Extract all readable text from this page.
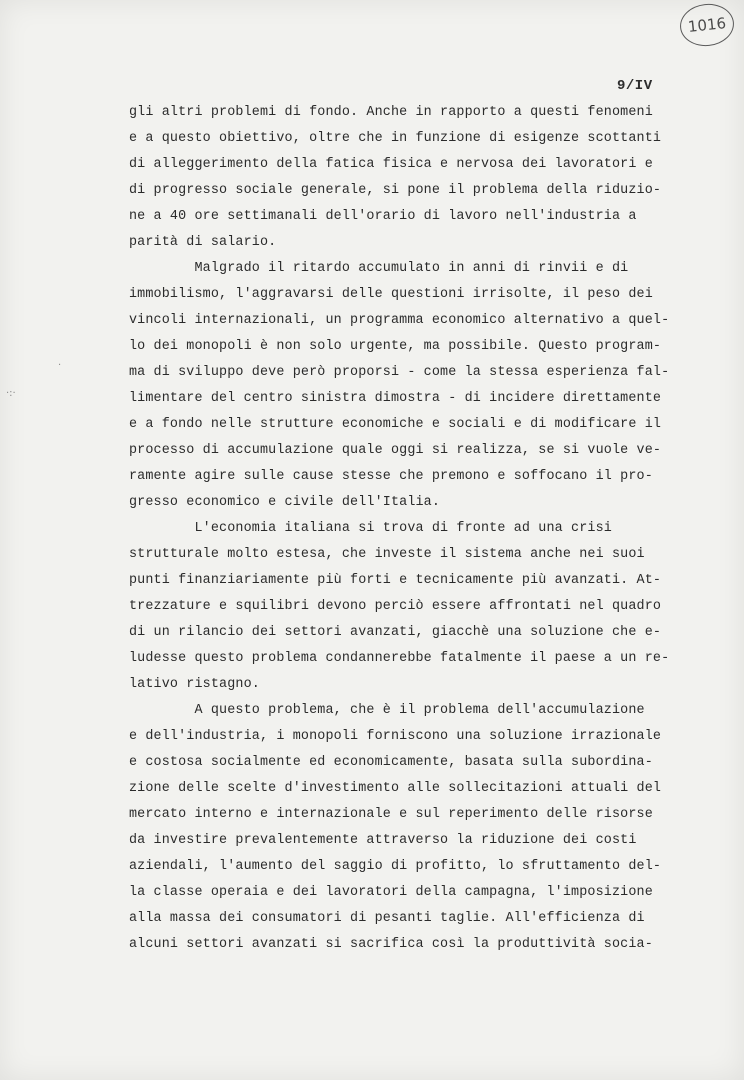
1016
·:·
·
9/IV
gli altri problemi di fondo. Anche in rapporto a questi fenomeni
e a questo obiettivo, oltre che in funzione di esigenze scottanti
di alleggerimento della fatica fisica e nervosa dei lavoratori e
di progresso sociale generale, si pone il problema della riduzio-
ne a 40 ore settimanali dell'orario di lavoro nell'industria a
parità di salario.
Malgrado il ritardo accumulato in anni di rinvii e di
immobilismo, l'aggravarsi delle questioni irrisolte, il peso dei
vincoli internazionali, un programma economico alternativo a quel-
lo dei monopoli è non solo urgente, ma possibile. Questo program-
ma di sviluppo deve però proporsi - come la stessa esperienza fal-
limentare del centro sinistra dimostra - di incidere direttamente
e a fondo nelle strutture economiche e sociali e di modificare il
processo di accumulazione quale oggi si realizza, se si vuole ve-
ramente agire sulle cause stesse che premono e soffocano il pro-
gresso economico e civile dell'Italia.
L'economia italiana si trova di fronte ad una crisi
strutturale molto estesa, che investe il sistema anche nei suoi
punti finanziariamente più forti e tecnicamente più avanzati. At-
trezzature e squilibri devono perciò essere affrontati nel quadro
di un rilancio dei settori avanzati, giacchè una soluzione che e-
ludesse questo problema condannerebbe fatalmente il paese a un re-
lativo ristagno.
A questo problema, che è il problema dell'accumulazione
e dell'industria, i monopoli forniscono una soluzione irrazionale
e costosa socialmente ed economicamente, basata sulla subordina-
zione delle scelte d'investimento alle sollecitazioni attuali del
mercato interno e internazionale e sul reperimento delle risorse
da investire prevalentemente attraverso la riduzione dei costi
aziendali, l'aumento del saggio di profitto, lo sfruttamento del-
la classe operaia e dei lavoratori della campagna, l'imposizione
alla massa dei consumatori di pesanti taglie. All'efficienza di
alcuni settori avanzati si sacrifica così la produttività socia-
